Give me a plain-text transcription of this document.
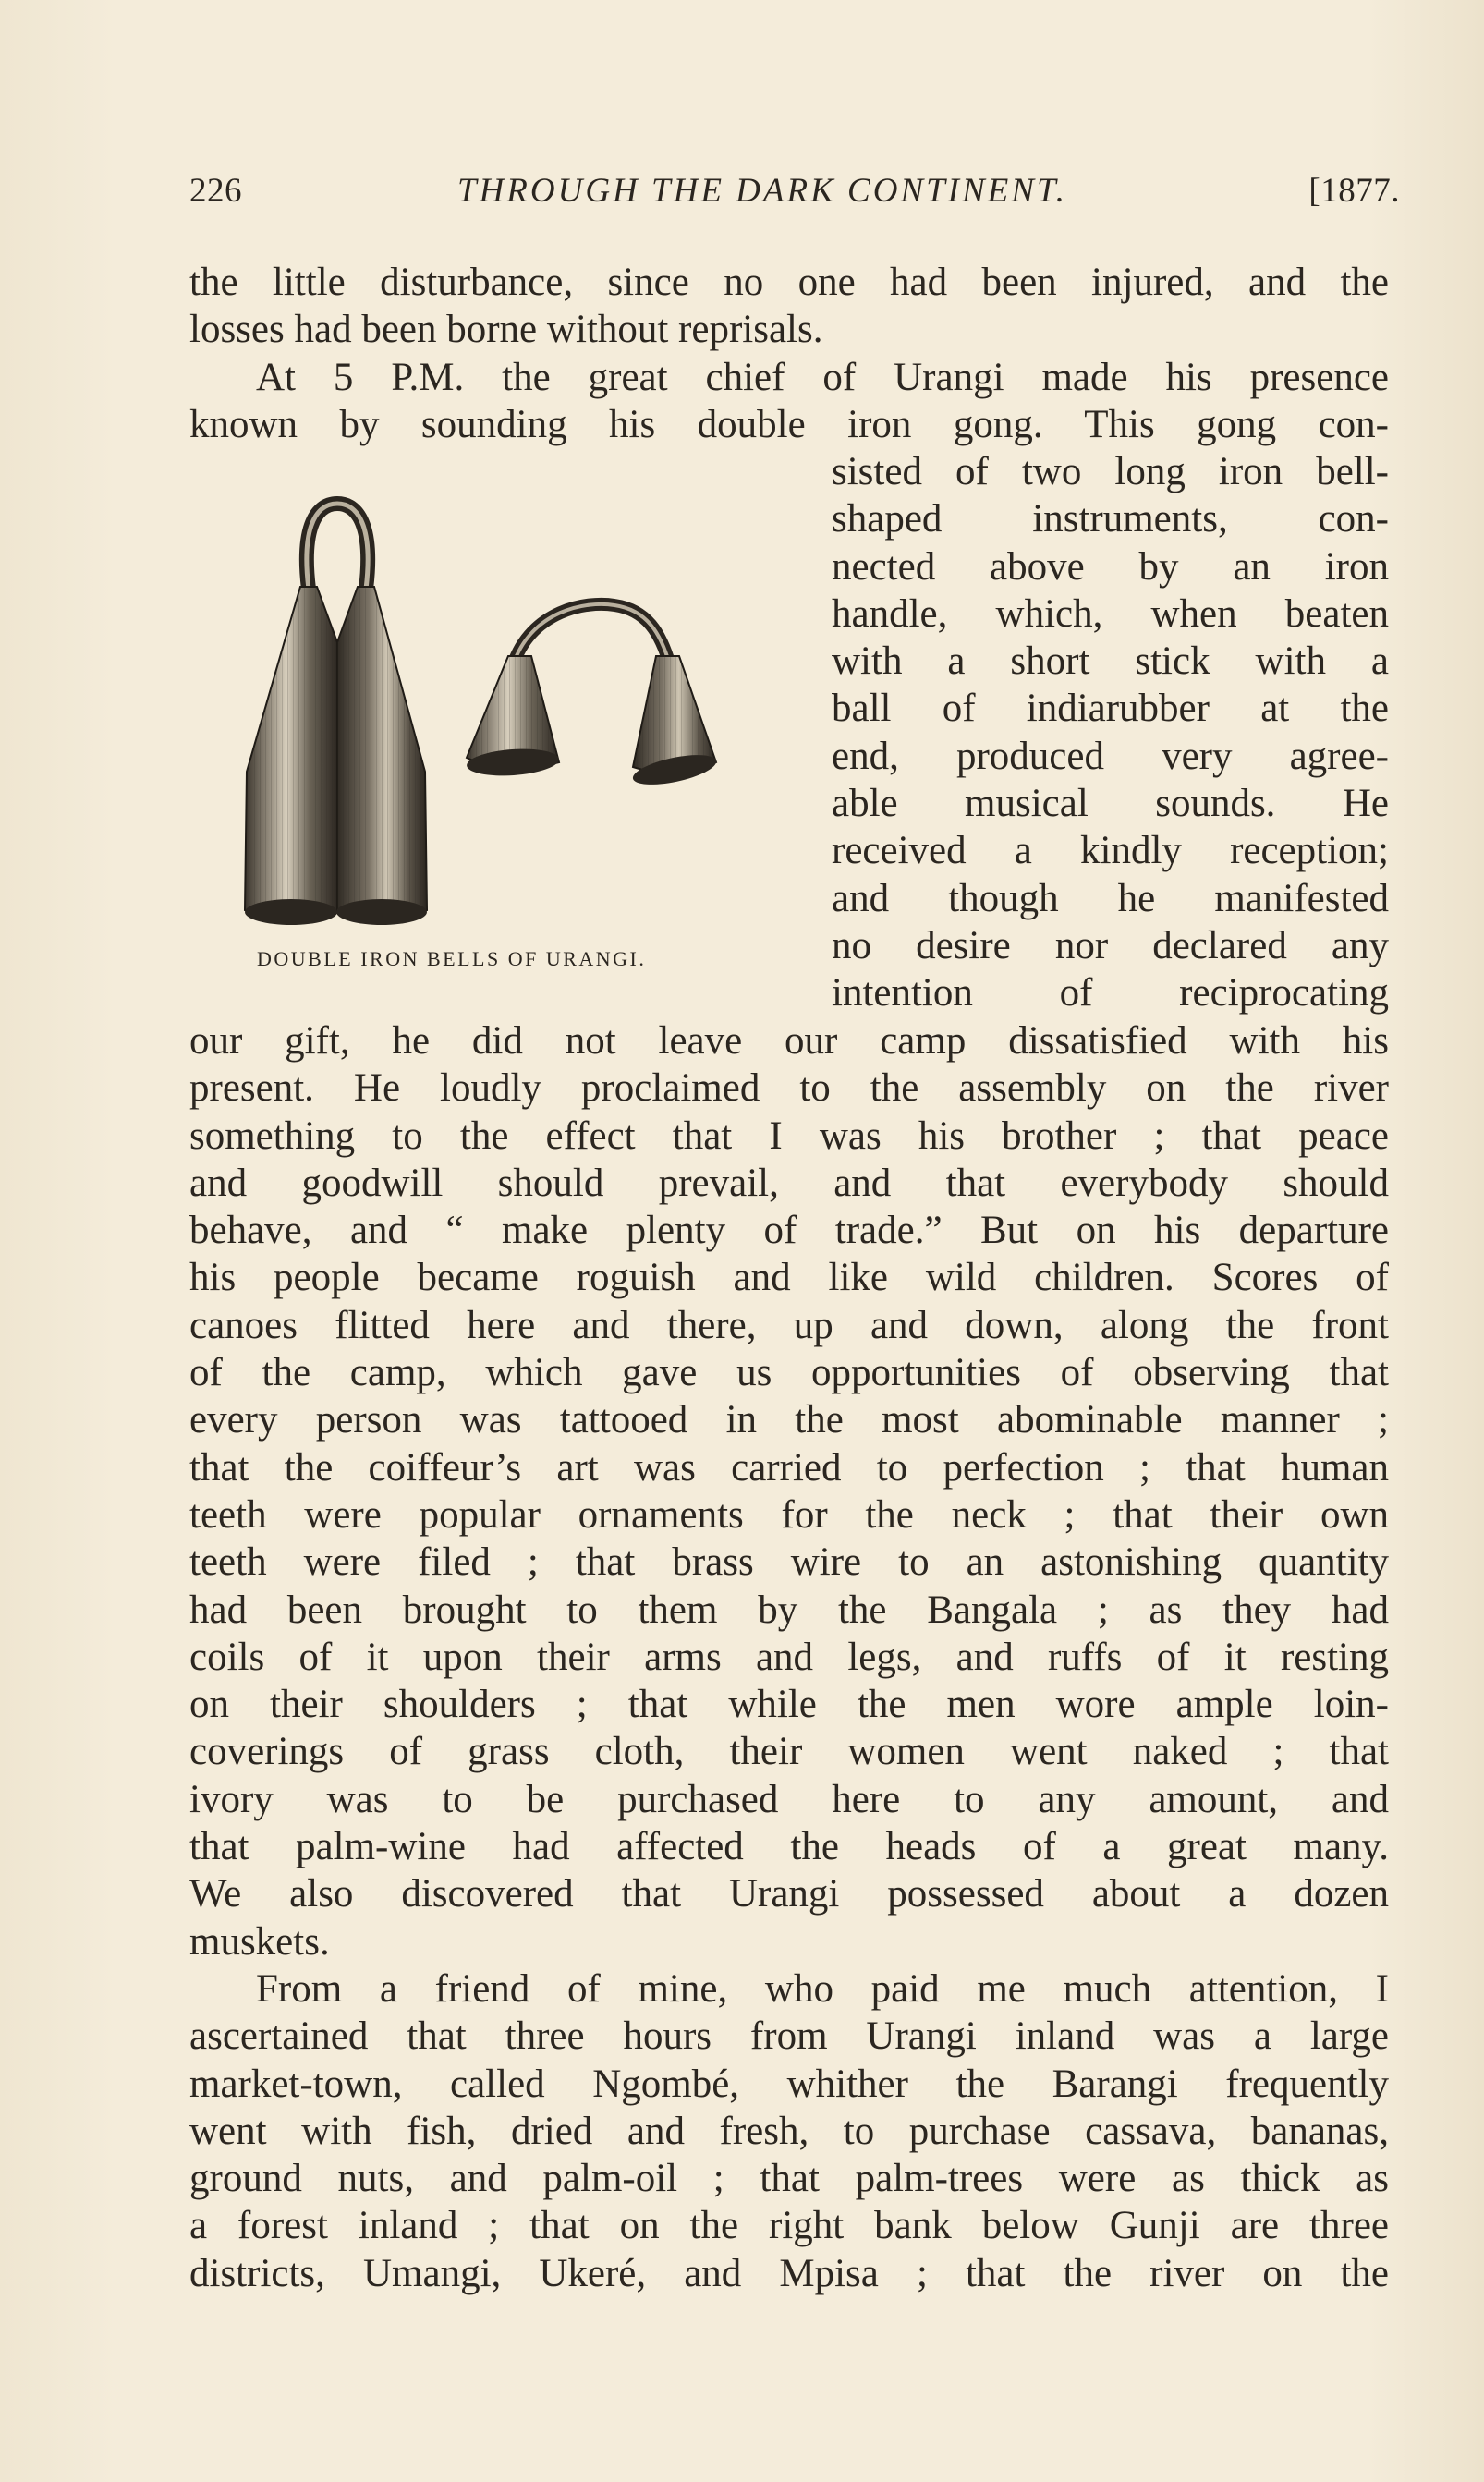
226	THROUGH THE DARK CONTINENT.	[1877.
the little disturbance, since no one had been injured, and the
losses had been borne without reprisals.
At 5 P.M. the great chief of Urangi made his presence
known by sounding his double iron gong. This gong con-
DOUBLE IRON BELLS OF URANGI.
sisted of two long iron bell-
shaped instruments, con-
nected above by an iron
handle, which, when beaten
with a short stick with a
ball of indiarubber at the
end, produced very agree-
able musical sounds. He
received a kindly reception;
and though he manifested
no desire nor declared any
intention of reciprocating
our gift, he did not leave our camp dissatisfied with his
present. He loudly proclaimed to the assembly on the river
something to the effect that I was his brother ; that peace
and goodwill should prevail, and that everybody should
behave, and “ make plenty of trade.” But on his departure
his people became roguish and like wild children. Scores of
canoes flitted here and there, up and down, along the front
of the camp, which gave us opportunities of observing that
every person was tattooed in the most abominable manner ;
that the coiffeur’s art was carried to perfection ; that human
teeth were popular ornaments for the neck ; that their own
teeth were filed ; that brass wire to an astonishing quantity
had been brought to them by the Bangala ; as they had
coils of it upon their arms and legs, and ruffs of it resting
on their shoulders ; that while the men wore ample loin-
coverings of grass cloth, their women went naked ; that
ivory was to be purchased here to any amount, and
that palm-wine had affected the heads of a great many.
We also discovered that Urangi possessed about a dozen
muskets.
From a friend of mine, who paid me much attention, I
ascertained that three hours from Urangi inland was a large
market-town, called Ngombé, whither the Barangi frequently
went with fish, dried and fresh, to purchase cassava, bananas,
ground nuts, and palm-oil ; that palm-trees were as thick as
a forest inland ; that on the right bank below Gunji are three
districts, Umangi, Ukeré, and Mpisa ; that the river on the
